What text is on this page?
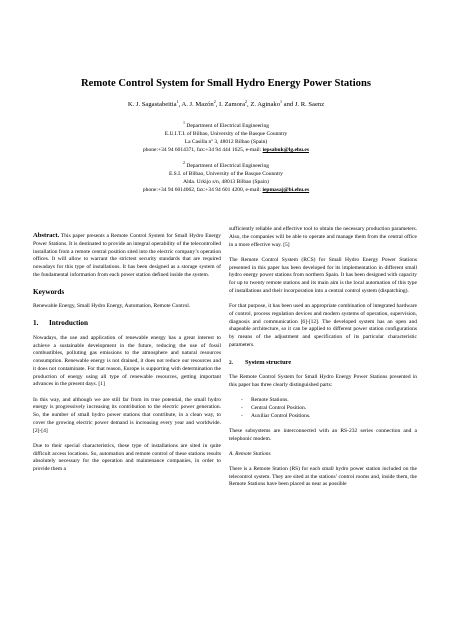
Remote Control System for Small Hydro Energy Power Stations
K. J. Sagastabeitia$^1$, A. J. Mazón$^2$, I. Zamora$^2$, Z. Aginako$^1$ and J. R. Saenz
$^1$ Department of Electrical Engineering
E.U.I.T.I. of Bilbao, University of the Basque Counntry
La Casilla nº 3, 48012 Bilbao (Spain)
phone:+34 94 6014371, fax:+34 94 444 1625, e-mail: iepsabuk@lg.ehu.es
$^2$ Department of Electrical Engineering
E.S.I. of Bilbao, University of the Basque Counntry
Alda. Urkijo s/n, 48013 Bilbao (Spain)
phone:+34 94 6014062, fax:+34 94 601 4200, e-mail: iepmasaj@bi.ehu.es

Abstract. This paper presents a Remote Control System for Small Hydro Energy Power Stations. It is destinated to provide an integral operability of the telecontrolled installation from a remote central position sited into the electric company’s operation offices. It will allow to warrant the strictest security standards that are required nowadays for this type of installations. It has been designed as a storage system of the fundamental information from each power station defined inside the system.

Keywords

Renewable Energy, Small Hydro Energy, Automation, Remote Control.

1. Introduction

Nowadays, the use and application of renewable energy has a great interest to achieve a sustainable development in the future, reducing the use of fossil combustibles, polluting gas emissions to the atmosphere and natural resources consumption. Renewable energy is not drained, it does not reduce our resources and it does not contaminate. For that reason, Europe is supporting with determination the production of energy using all type of renewable resources, getting important advances in the present days. [1]

In this way, and although we are still far from its true potential, the small hydro energy is progressively increasing its contribution to the electric power generation. So, the number of small hydro power stations that contribute, in a clean way, to cover the growing electric power demand is increasing every year and worldwide. [2]-[4]

Due to their special characteristics, these type of installations are sited in quite difficult access locations. So, automation and remote control of these stations results absolutely necessary for the operation and maintenance companies, in order to provide them a

sufficiently reliable and effective tool to obtain the necessary production parameters. Also, the companies will be able to operate and manage them from the central office in a more effective way. [5]

The Remote Control System (RCS) for Small Hydro Energy Power Stations presented in this paper has been developed for its implementation in different small hydro energy power stations from northern Spain. It has been designed with capacity for up to twenty remote stations and its main aim is the local automation of this type of installations and their incorporation into a central control system (dispatching).

For that purpose, it has been used an appropriate combination of integrated hardware of control, process regulation devices and modern systems of operation, supervision, diagnosis and communication [6]-[12]. The developed system has an open and shapeable architecture, so it can be applied to different power station configurations by means of the adjustment and specification of its particular characteristic parameters.

2. System structure

The Remote Control System for Small Hydro Energy Power Stations presented in this paper has three clearly distinguished parts:

- Remote Stations.
- Central Control Position.
- Auxiliar Control Positions.

These subsystems are interconnected with an RS-232 series connection and a telephonic modem.

A. Remote Stations

There is a Remote Station (RS) for each small hydro power station included on the telecontrol system. They are sited at the stations’ control rooms and, inside them, the Remote Stations have been placed as near as possible
